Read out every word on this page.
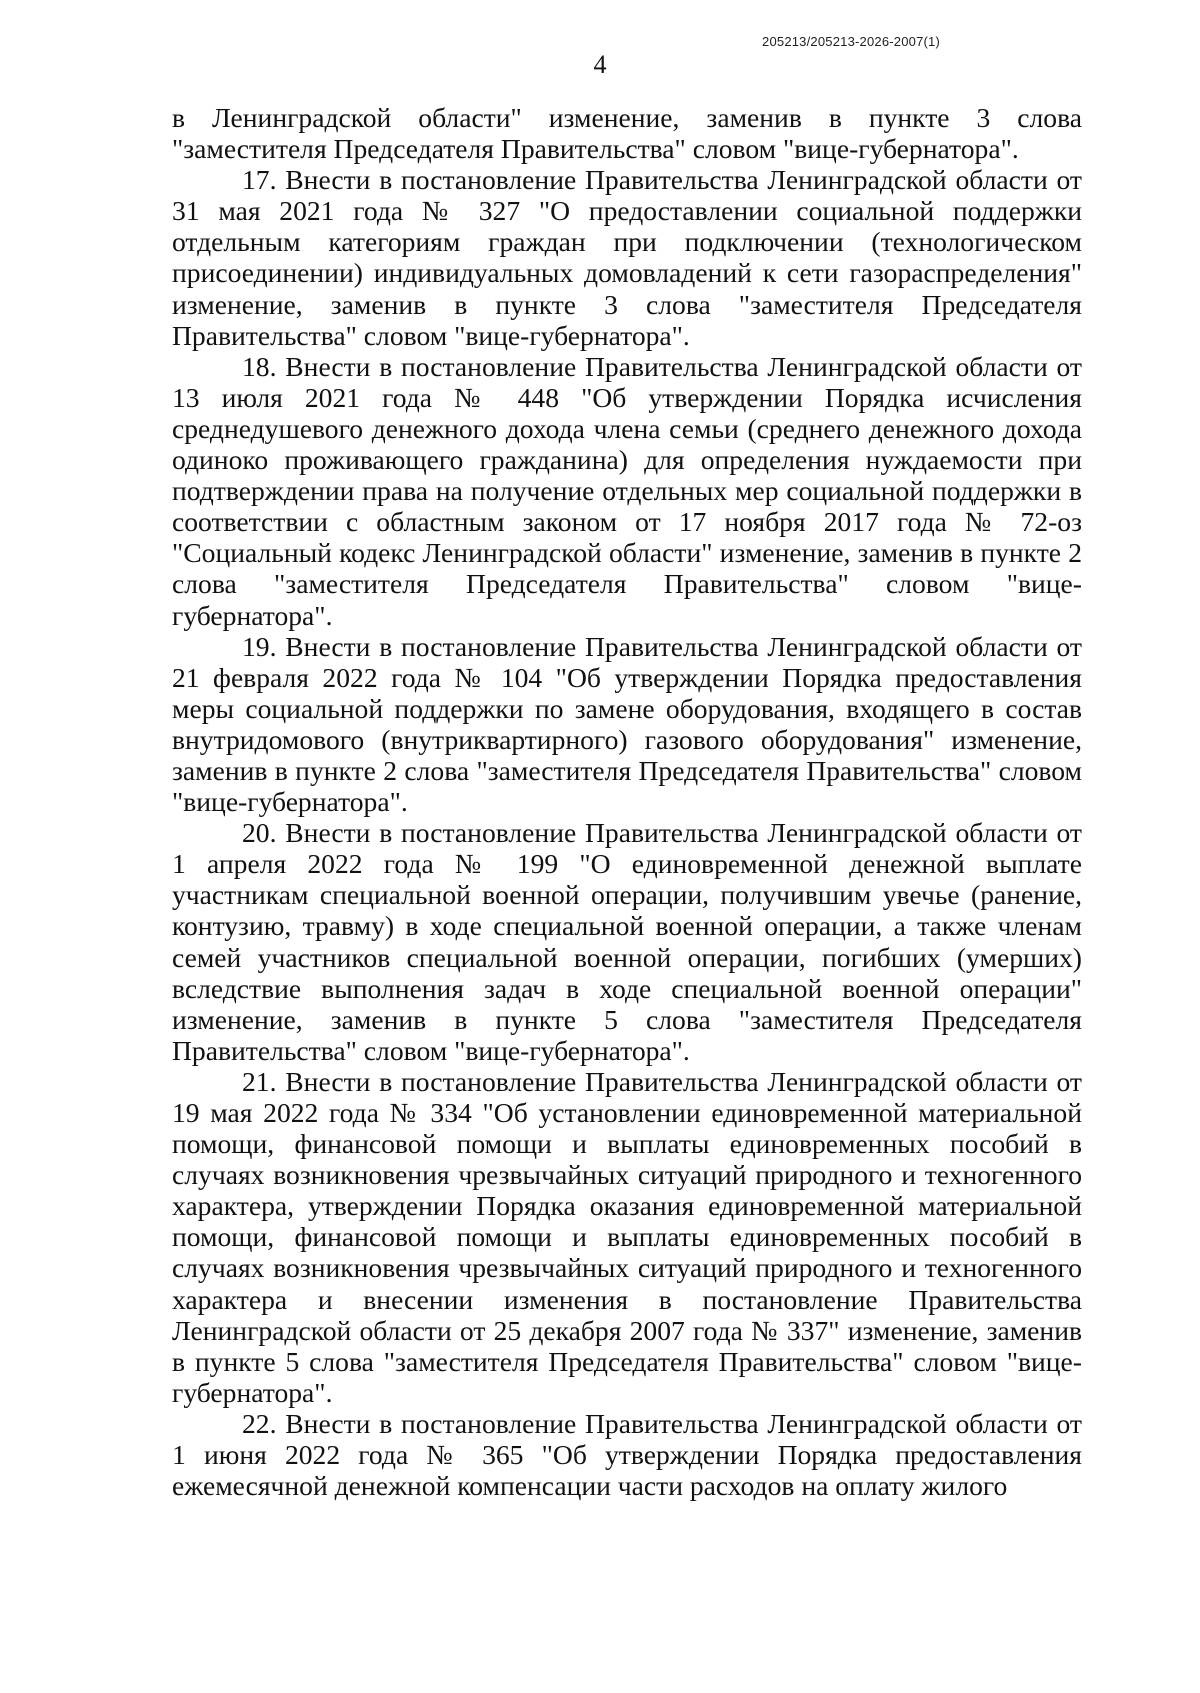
205213/205213-2026-2007(1)
4

в Ленинградской области" изменение, заменив в пункте 3 слова "заместителя Председателя Правительства" словом "вице-губернатора".

17. Внести в постановление Правительства Ленинградской области от 31 мая 2021 года № 327 "О предоставлении социальной поддержки отдельным категориям граждан при подключении (технологическом присоединении) индивидуальных домовладений к сети газораспределения" изменение, заменив в пункте 3 слова "заместителя Председателя Правительства" словом "вице-губернатора".

18. Внести в постановление Правительства Ленинградской области от 13 июля 2021 года № 448 "Об утверждении Порядка исчисления среднедушевого денежного дохода члена семьи (среднего денежного дохода одиноко проживающего гражданина) для определения нуждаемости при подтверждении права на получение отдельных мер социальной поддержки в соответствии с областным законом от 17 ноября 2017 года № 72-оз "Социальный кодекс Ленинградской области" изменение, заменив в пункте 2 слова "заместителя Председателя Правительства" словом "вице-губернатора".

19. Внести в постановление Правительства Ленинградской области от 21 февраля 2022 года № 104 "Об утверждении Порядка предоставления меры социальной поддержки по замене оборудования, входящего в состав внутридомового (внутриквартирного) газового оборудования" изменение, заменив в пункте 2 слова "заместителя Председателя Правительства" словом "вице-губернатора".

20. Внести в постановление Правительства Ленинградской области от 1 апреля 2022 года № 199 "О единовременной денежной выплате участникам специальной военной операции, получившим увечье (ранение, контузию, травму) в ходе специальной военной операции, а также членам семей участников специальной военной операции, погибших (умерших) вследствие выполнения задач в ходе специальной военной операции" изменение, заменив в пункте 5 слова "заместителя Председателя Правительства" словом "вице-губернатора".

21. Внести в постановление Правительства Ленинградской области от 19 мая 2022 года № 334 "Об установлении единовременной материальной помощи, финансовой помощи и выплаты единовременных пособий в случаях возникновения чрезвычайных ситуаций природного и техногенного характера, утверждении Порядка оказания единовременной материальной помощи, финансовой помощи и выплаты единовременных пособий в случаях возникновения чрезвычайных ситуаций природного и техногенного характера и внесении изменения в постановление Правительства Ленинградской области от 25 декабря 2007 года № 337" изменение, заменив в пункте 5 слова "заместителя Председателя Правительства" словом "вице-губернатора".

22. Внести в постановление Правительства Ленинградской области от 1 июня 2022 года № 365 "Об утверждении Порядка предоставления ежемесячной денежной компенсации части расходов на оплату жилого
